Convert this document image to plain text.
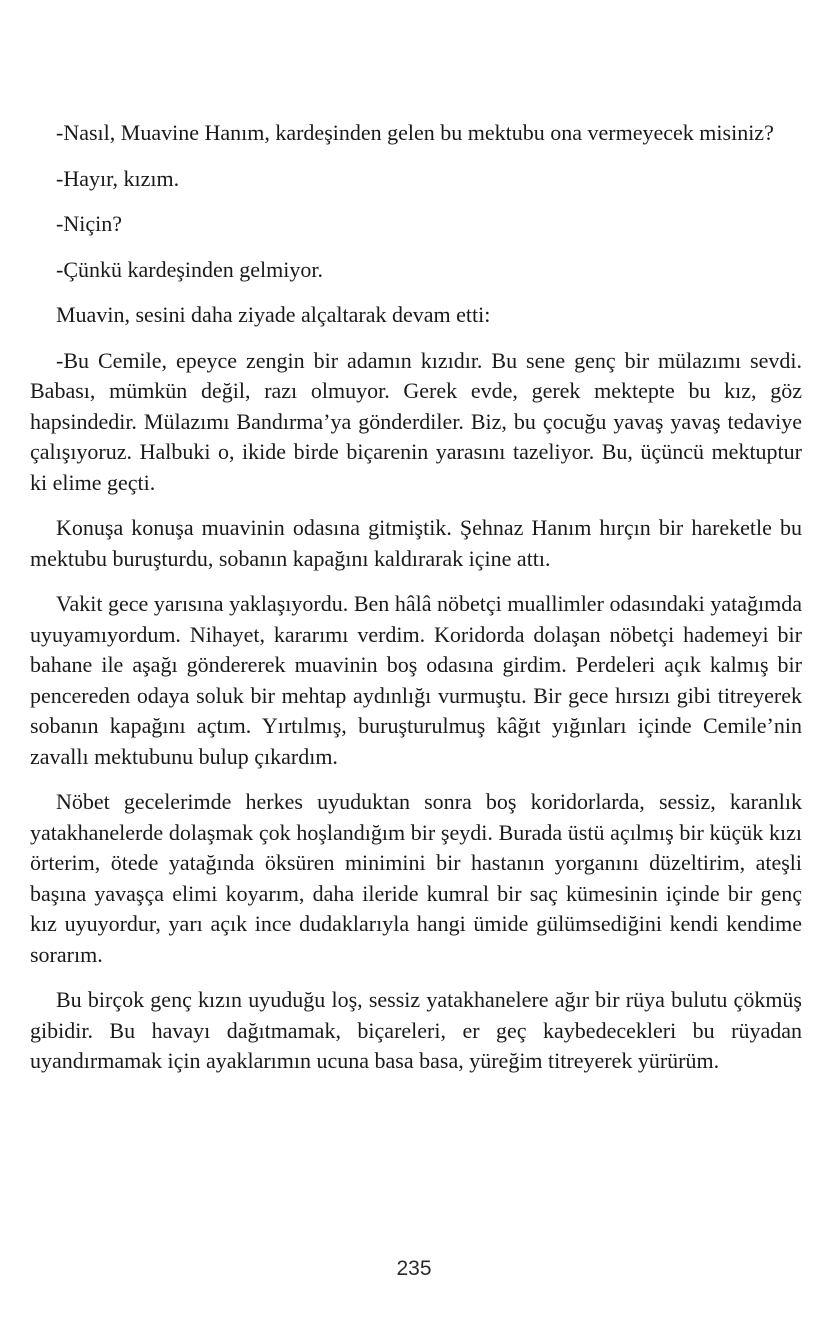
-Nasıl, Muavine Hanım, kardeşinden gelen bu mektubu ona vermeyecek misiniz?

-Hayır, kızım.

-Niçin?

-Çünkü kardeşinden gelmiyor.

Muavin, sesini daha ziyade alçaltarak devam etti:

-Bu Cemile, epeyce zengin bir adamın kızıdır. Bu sene genç bir mülazımı sevdi. Babası, mümkün değil, razı olmuyor. Gerek evde, gerek mektepte bu kız, göz hapsindedir. Mülazımı Bandırma’ya gönderdiler. Biz, bu çocuğu yavaş yavaş tedaviye çalışıyoruz. Halbuki o, ikide birde biçarenin yarasını tazeliyor. Bu, üçüncü mektuptur ki elime geçti.

Konuşa konuşa muavinin odasına gitmiştik. Şehnaz Hanım hırçın bir hareketle bu mektubu buruşturdu, sobanın kapağını kaldırarak içine attı.

Vakit gece yarısına yaklaşıyordu. Ben hâlâ nöbetçi muallimler odasındaki yatağımda uyuyamıyordum. Nihayet, kararımı verdim. Koridorda dolaşan nöbetçi hademeyi bir bahane ile aşağı göndererek muavinin boş odasına girdim. Perdeleri açık kalmış bir pencereden odaya soluk bir mehtap aydınlığı vurmuştu. Bir gece hırsızı gibi titreyerek sobanın kapağını açtım. Yırtılmış, buruşturulmuş kâğıt yığınları içinde Cemile’nin zavallı mektubunu bulup çıkardım.

Nöbet gecelerimde herkes uyuduktan sonra boş koridorlarda, sessiz, karanlık yatakhanelerde dolaşmak çok hoşlandığım bir şeydi. Burada üstü açılmış bir küçük kızı örterim, ötede yatağında öksüren minimini bir hastanın yorganını düzeltirim, ateşli başına yavaşça elimi koyarım, daha ileride kumral bir saç kümesinin içinde bir genç kız uyuyordur, yarı açık ince dudaklarıyla hangi ümide gülümsediğini kendi kendime sorarım.

Bu birçok genç kızın uyuduğu loş, sessiz yatakhanelere ağır bir rüya bulutu çökmüş gibidir. Bu havayı dağıtmamak, biçareleri, er geç kaybedecekleri bu rüyadan uyandırmamak için ayaklarımın ucuna basa basa, yüreğim titreyerek yürürüm.

235
